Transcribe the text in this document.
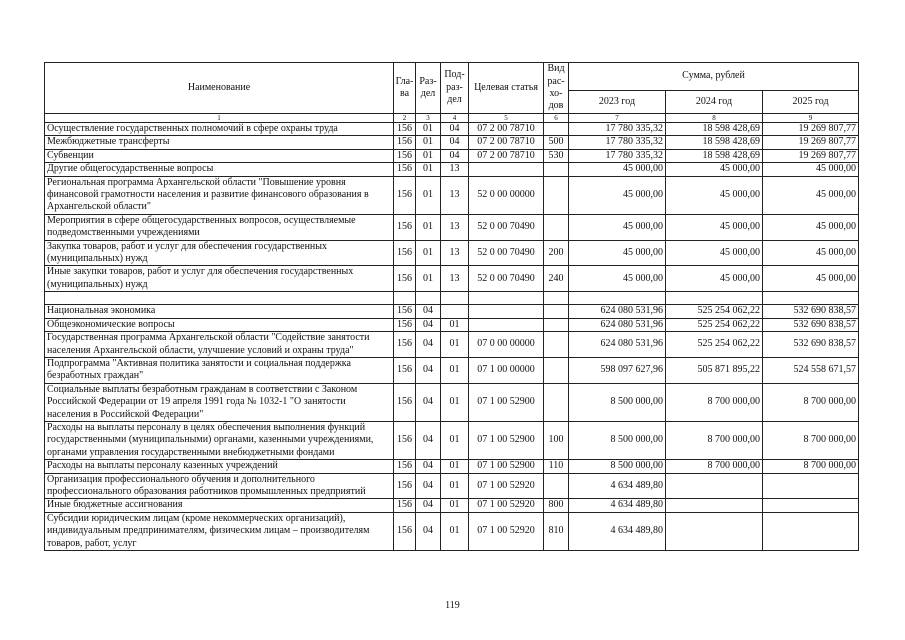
Наименование	Гла-ва	Раз-дел	Под-раз-дел	Целевая статья	Вид рас-хо-дов	Сумма, рублей		
						2023 год	2024 год	2025 год
1	2	3	4	5	6	7	8	9
Осуществление государственных полномочий в сфере охраны труда	156	01	04	07 2 00 78710		17 780 335,32	18 598 428,69	19 269 807,77
Межбюджетные трансферты	156	01	04	07 2 00 78710	500	17 780 335,32	18 598 428,69	19 269 807,77
Субвенции	156	01	04	07 2 00 78710	530	17 780 335,32	18 598 428,69	19 269 807,77
Другие общегосударственные вопросы	156	01	13			45 000,00	45 000,00	45 000,00
Региональная программа Архангельской области "Повышение уровня финансовой грамотности населения и развитие финансового образования в Архангельской области"	156	01	13	52 0 00 00000		45 000,00	45 000,00	45 000,00
Мероприятия в сфере общегосударственных вопросов, осуществляемые подведомственными учреждениями	156	01	13	52 0 00 70490		45 000,00	45 000,00	45 000,00
Закупка товаров, работ и услуг для обеспечения государственных (муниципальных) нужд	156	01	13	52 0 00 70490	200	45 000,00	45 000,00	45 000,00
Иные закупки товаров, работ и услуг для обеспечения государственных (муниципальных) нужд	156	01	13	52 0 00 70490	240	45 000,00	45 000,00	45 000,00

Национальная экономика	156	04				624 080 531,96	525 254 062,22	532 690 838,57
Общеэкономические вопросы	156	04	01			624 080 531,96	525 254 062,22	532 690 838,57
Государственная программа Архангельской области "Содействие занятости населения Архангельской области, улучшение условий и охраны труда"	156	04	01	07 0 00 00000		624 080 531,96	525 254 062,22	532 690 838,57
Подпрограмма "Активная политика занятости и социальная поддержка безработных граждан"	156	04	01	07 1 00 00000		598 097 627,96	505 871 895,22	524 558 671,57
Социальные выплаты безработным гражданам в соответствии с Законом Российской Федерации от 19 апреля 1991 года № 1032-1 "О занятости населения в Российской Федерации"	156	04	01	07 1 00 52900		8 500 000,00	8 700 000,00	8 700 000,00
Расходы на выплаты персоналу в целях обеспечения выполнения функций государственными (муниципальными) органами, казенными учреждениями, органами управления государственными внебюджетными фондами	156	04	01	07 1 00 52900	100	8 500 000,00	8 700 000,00	8 700 000,00
Расходы на выплаты персоналу казенных учреждений	156	04	01	07 1 00 52900	110	8 500 000,00	8 700 000,00	8 700 000,00
Организация профессионального обучения и дополнительного профессионального образования работников промышленных предприятий	156	04	01	07 1 00 52920		4 634 489,80		
Иные бюджетные ассигнования	156	04	01	07 1 00 52920	800	4 634 489,80		
Субсидии юридическим лицам (кроме некоммерческих организаций), индивидуальным предпринимателям, физическим лицам – производителям товаров, работ, услуг	156	04	01	07 1 00 52920	810	4 634 489,80		
119
